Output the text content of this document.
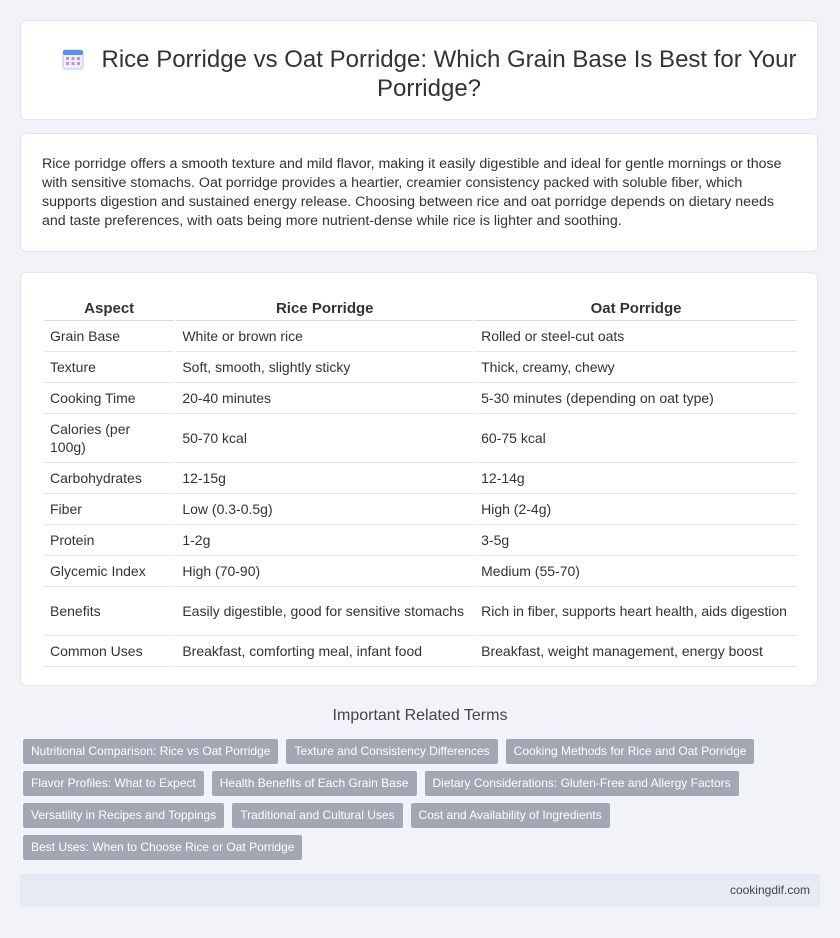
Rice Porridge vs Oat Porridge: Which Grain Base Is Best for Your Porridge?

Rice porridge offers a smooth texture and mild flavor, making it easily digestible and ideal for gentle mornings or those with sensitive stomachs. Oat porridge provides a heartier, creamier consistency packed with soluble fiber, which supports digestion and sustained energy release. Choosing between rice and oat porridge depends on dietary needs and taste preferences, with oats being more nutrient-dense while rice is lighter and soothing.

Aspect	Rice Porridge	Oat Porridge
Grain Base	White or brown rice	Rolled or steel-cut oats
Texture	Soft, smooth, slightly sticky	Thick, creamy, chewy
Cooking Time	20-40 minutes	5-30 minutes (depending on oat type)
Calories (per 100g)	50-70 kcal	60-75 kcal
Carbohydrates	12-15g	12-14g
Fiber	Low (0.3-0.5g)	High (2-4g)
Protein	1-2g	3-5g
Glycemic Index	High (70-90)	Medium (55-70)
Benefits	Easily digestible, good for sensitive stomachs	Rich in fiber, supports heart health, aids digestion
Common Uses	Breakfast, comforting meal, infant food	Breakfast, weight management, energy boost
Important Related Terms
Nutritional Comparison: Rice vs Oat Porridge	Texture and Consistency Differences	Cooking Methods for Rice and Oat Porridge
Flavor Profiles: What to Expect	Health Benefits of Each Grain Base	Dietary Considerations: Gluten-Free and Allergy Factors
Versatility in Recipes and Toppings	Traditional and Cultural Uses	Cost and Availability of Ingredients
Best Uses: When to Choose Rice or Oat Porridge
cookingdif.com
